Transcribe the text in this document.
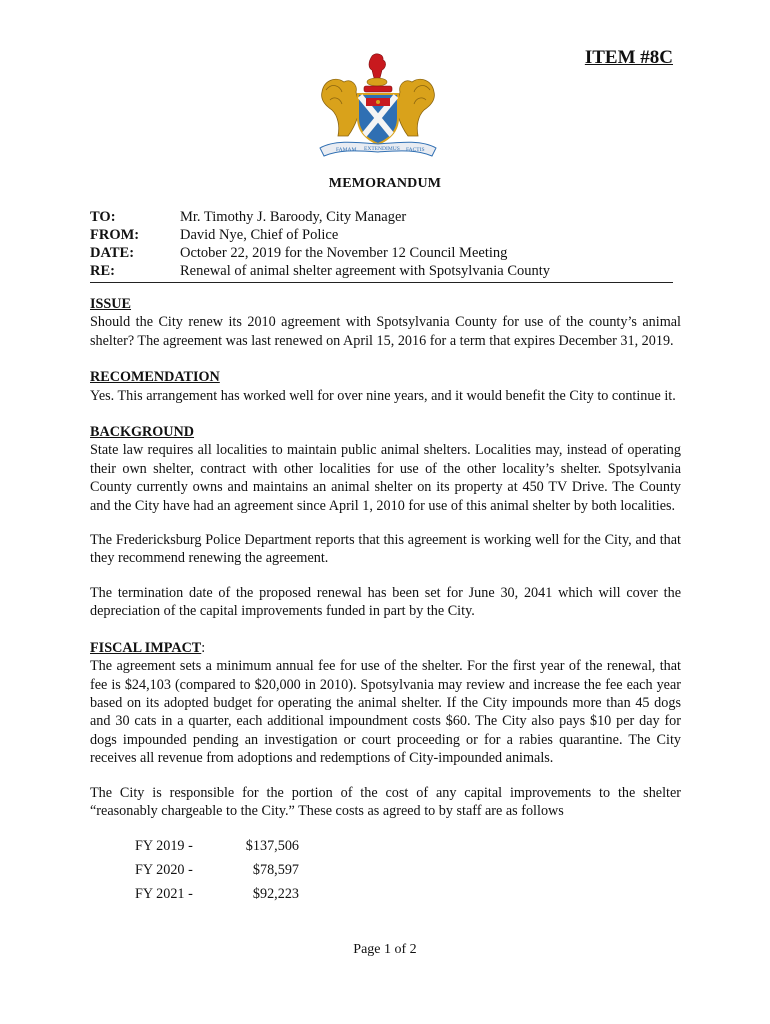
ITEM #8C
FAMAM EXTENDIMUS FACTIS
MEMORANDUM
TO:	Mr. Timothy J. Baroody, City Manager
FROM:	David Nye, Chief of Police
DATE:	October 22, 2019 for the November 12 Council Meeting
RE:	Renewal of animal shelter agreement with Spotsylvania County
ISSUE

Should the City renew its 2010 agreement with Spotsylvania County for use of the county’s animal shelter? The agreement was last renewed on April 15, 2016 for a term that expires December 31, 2019.

RECOMENDATION

Yes. This arrangement has worked well for over nine years, and it would benefit the City to continue it.

BACKGROUND

State law requires all localities to maintain public animal shelters. Localities may, instead of operating their own shelter, contract with other localities for use of the other locality’s shelter. Spotsylvania County currently owns and maintains an animal shelter on its property at 450 TV Drive. The County and the City have had an agreement since April 1, 2010 for use of this animal shelter by both localities.

The Fredericksburg Police Department reports that this agreement is working well for the City, and that they recommend renewing the agreement.

The termination date of the proposed renewal has been set for June 30, 2041 which will cover the depreciation of the capital improvements funded in part by the City.

FISCAL IMPACT:

The agreement sets a minimum annual fee for use of the shelter. For the first year of the renewal, that fee is $24,103 (compared to $20,000 in 2010). Spotsylvania may review and increase the fee each year based on its adopted budget for operating the animal shelter. If the City impounds more than 45 dogs and 30 cats in a quarter, each additional impoundment costs $60. The City also pays $10 per day for dogs impounded pending an investigation or court proceeding or for a rabies quarantine. The City receives all revenue from adoptions and redemptions of City-impounded animals.

The City is responsible for the portion of the cost of any capital improvements to the shelter “reasonably chargeable to the City.” These costs as agreed to by staff are as follows

FY 2019 -	$137,506
FY 2020 -	$78,597
FY 2021 -	$92,223
Page 1 of 2
